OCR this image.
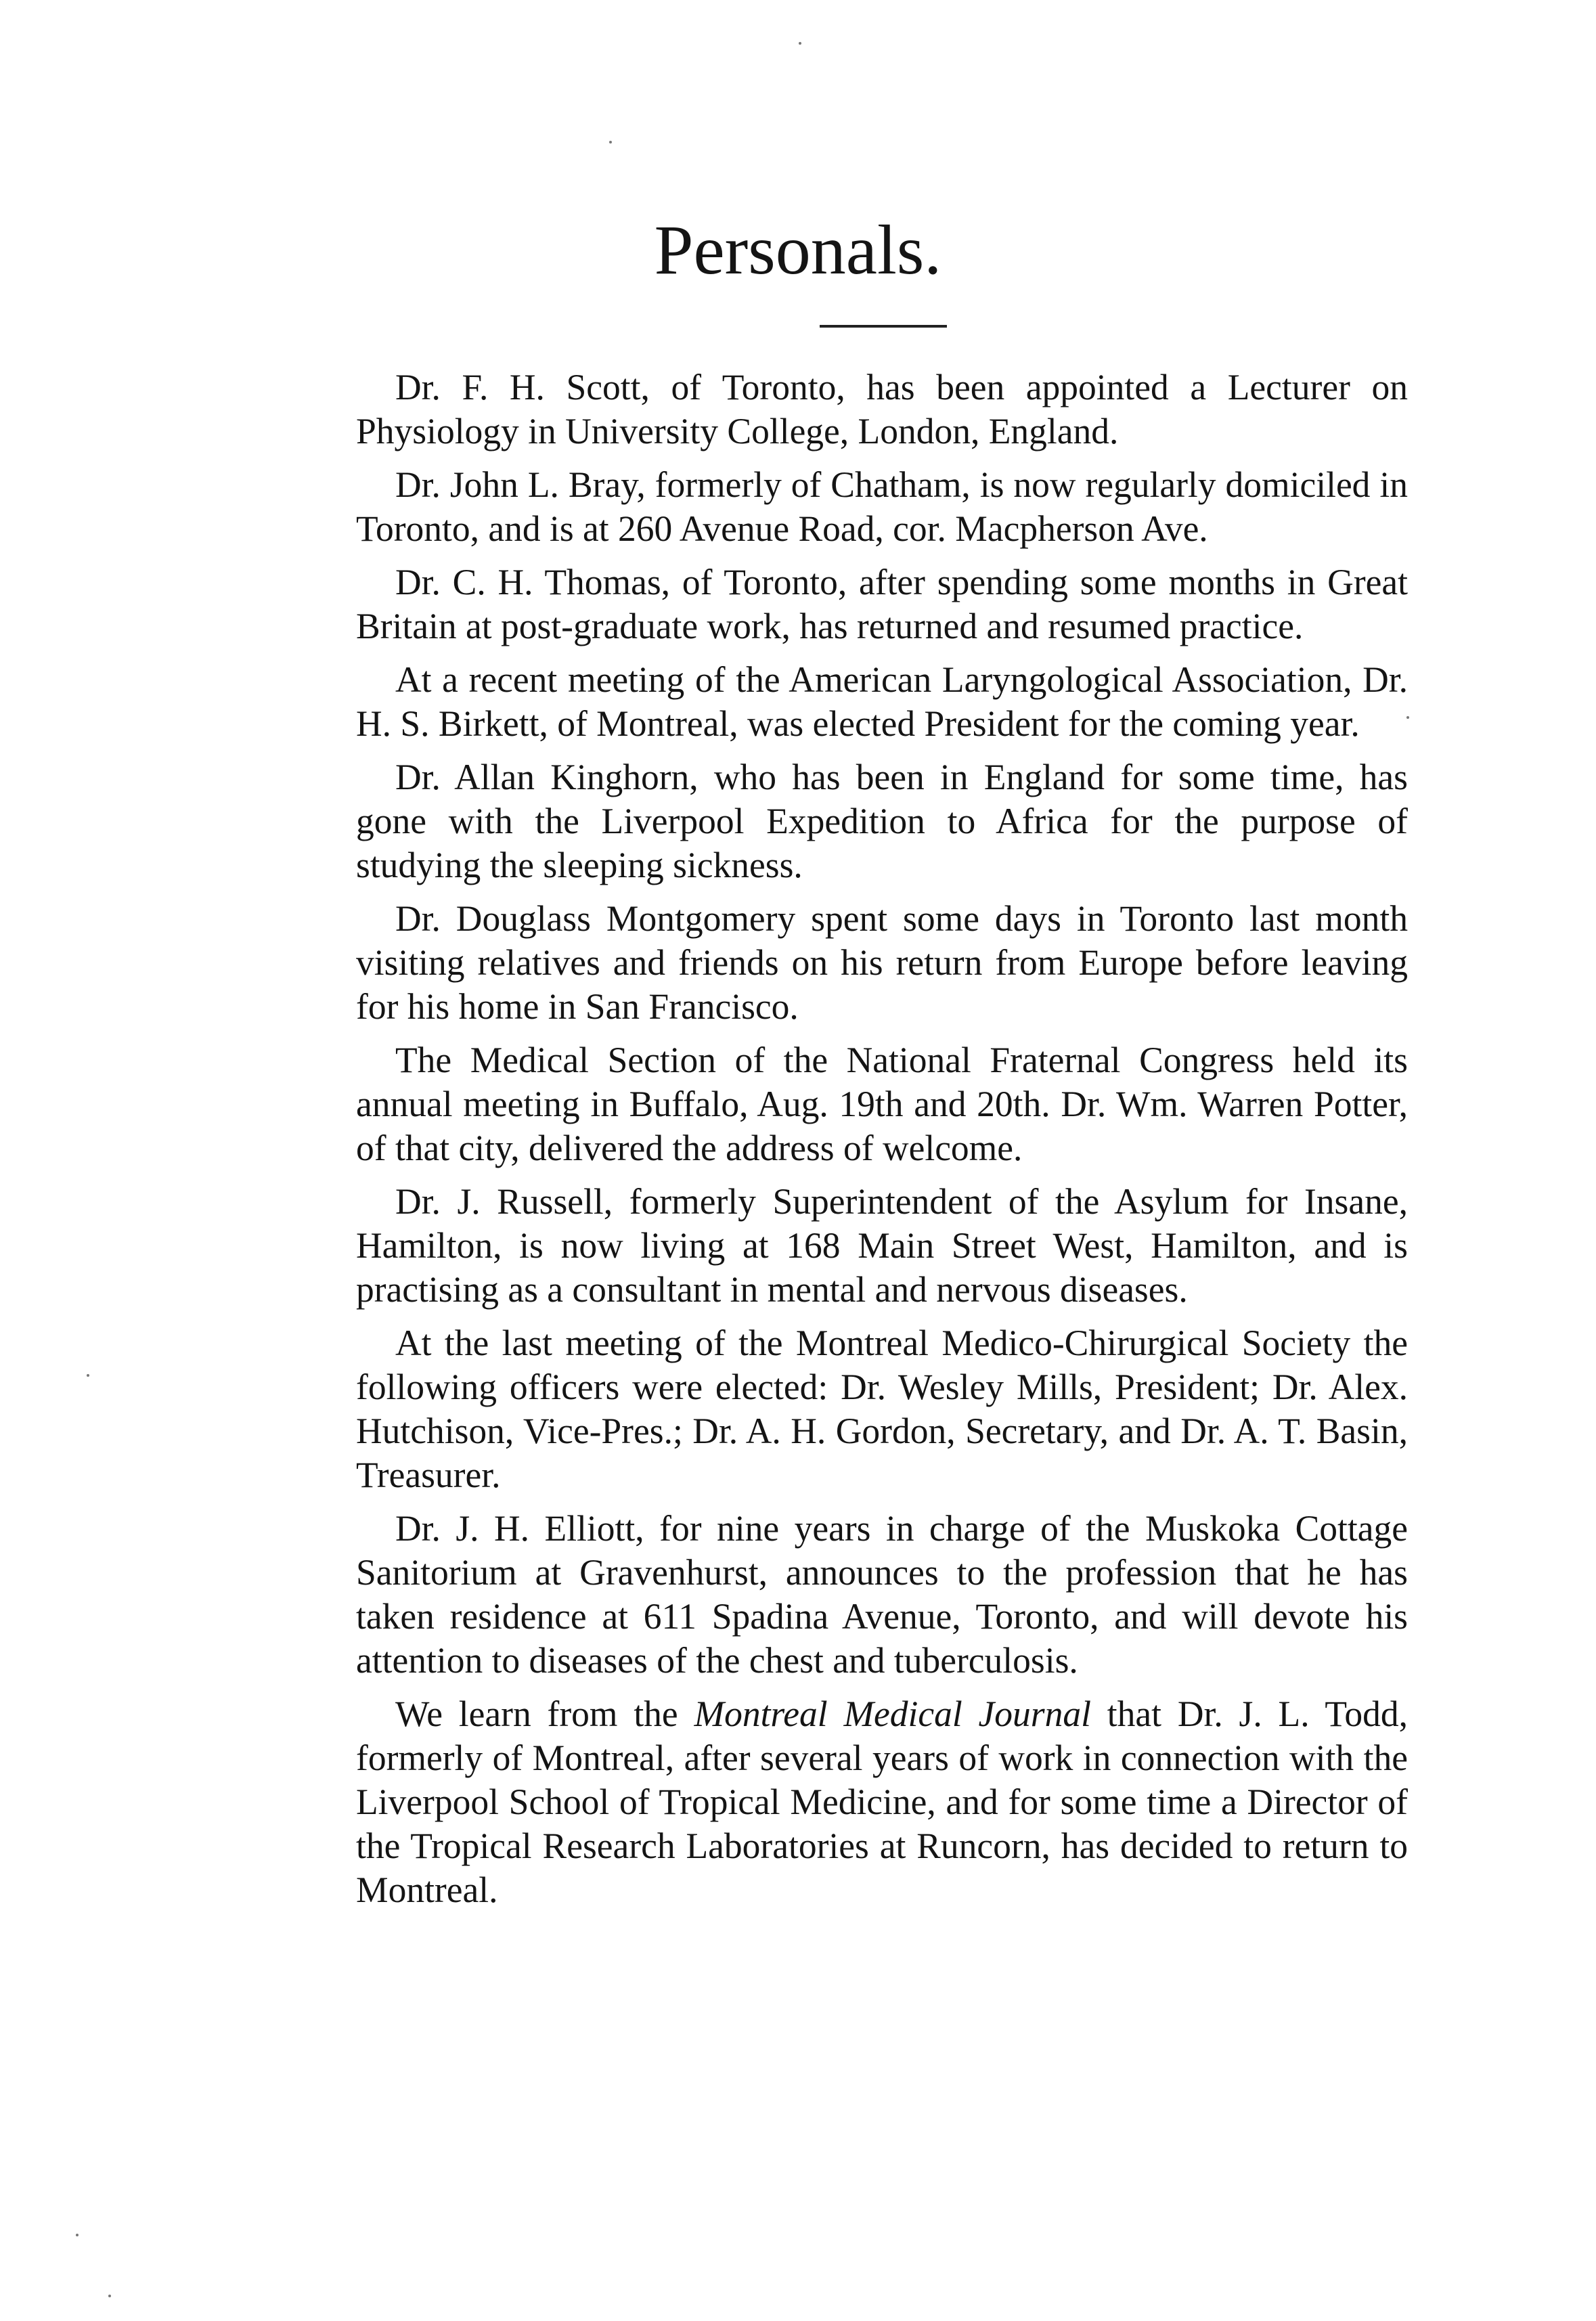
Personals.

Dr. F. H. Scott, of Toronto, has been appointed a Lecturer on Physiology in University College, London, England.

Dr. John L. Bray, formerly of Chatham, is now regularly domiciled in Toronto, and is at 260 Avenue Road, cor. Macpherson Ave.

Dr. C. H. Thomas, of Toronto, after spending some months in Great Britain at post-graduate work, has returned and resumed practice.

At a recent meeting of the American Laryngological Association, Dr. H. S. Birkett, of Montreal, was elected President for the coming year.

Dr. Allan Kinghorn, who has been in England for some time, has gone with the Liverpool Expedition to Africa for the purpose of studying the sleeping sickness.

Dr. Douglass Montgomery spent some days in Toronto last month visiting relatives and friends on his return from Europe before leaving for his home in San Francisco.

The Medical Section of the National Fraternal Congress held its annual meeting in Buffalo, Aug. 19th and 20th. Dr. Wm. Warren Potter, of that city, delivered the address of welcome.

Dr. J. Russell, formerly Superintendent of the Asylum for Insane, Hamilton, is now living at 168 Main Street West, Hamilton, and is practising as a consultant in mental and nervous diseases.

At the last meeting of the Montreal Medico-Chirurgical Society the following officers were elected: Dr. Wesley Mills, President; Dr. Alex. Hutchison, Vice-Pres.; Dr. A. H. Gordon, Secretary, and Dr. A. T. Basin, Treasurer.

Dr. J. H. Elliott, for nine years in charge of the Muskoka Cottage Sanitorium at Gravenhurst, announces to the profession that he has taken residence at 611 Spadina Avenue, Toronto, and will devote his attention to diseases of the chest and tuberculosis.

We learn from the Montreal Medical Journal that Dr. J. L. Todd, formerly of Montreal, after several years of work in connection with the Liverpool School of Tropical Medicine, and for some time a Director of the Tropical Research Laboratories at Runcorn, has decided to return to Montreal.
